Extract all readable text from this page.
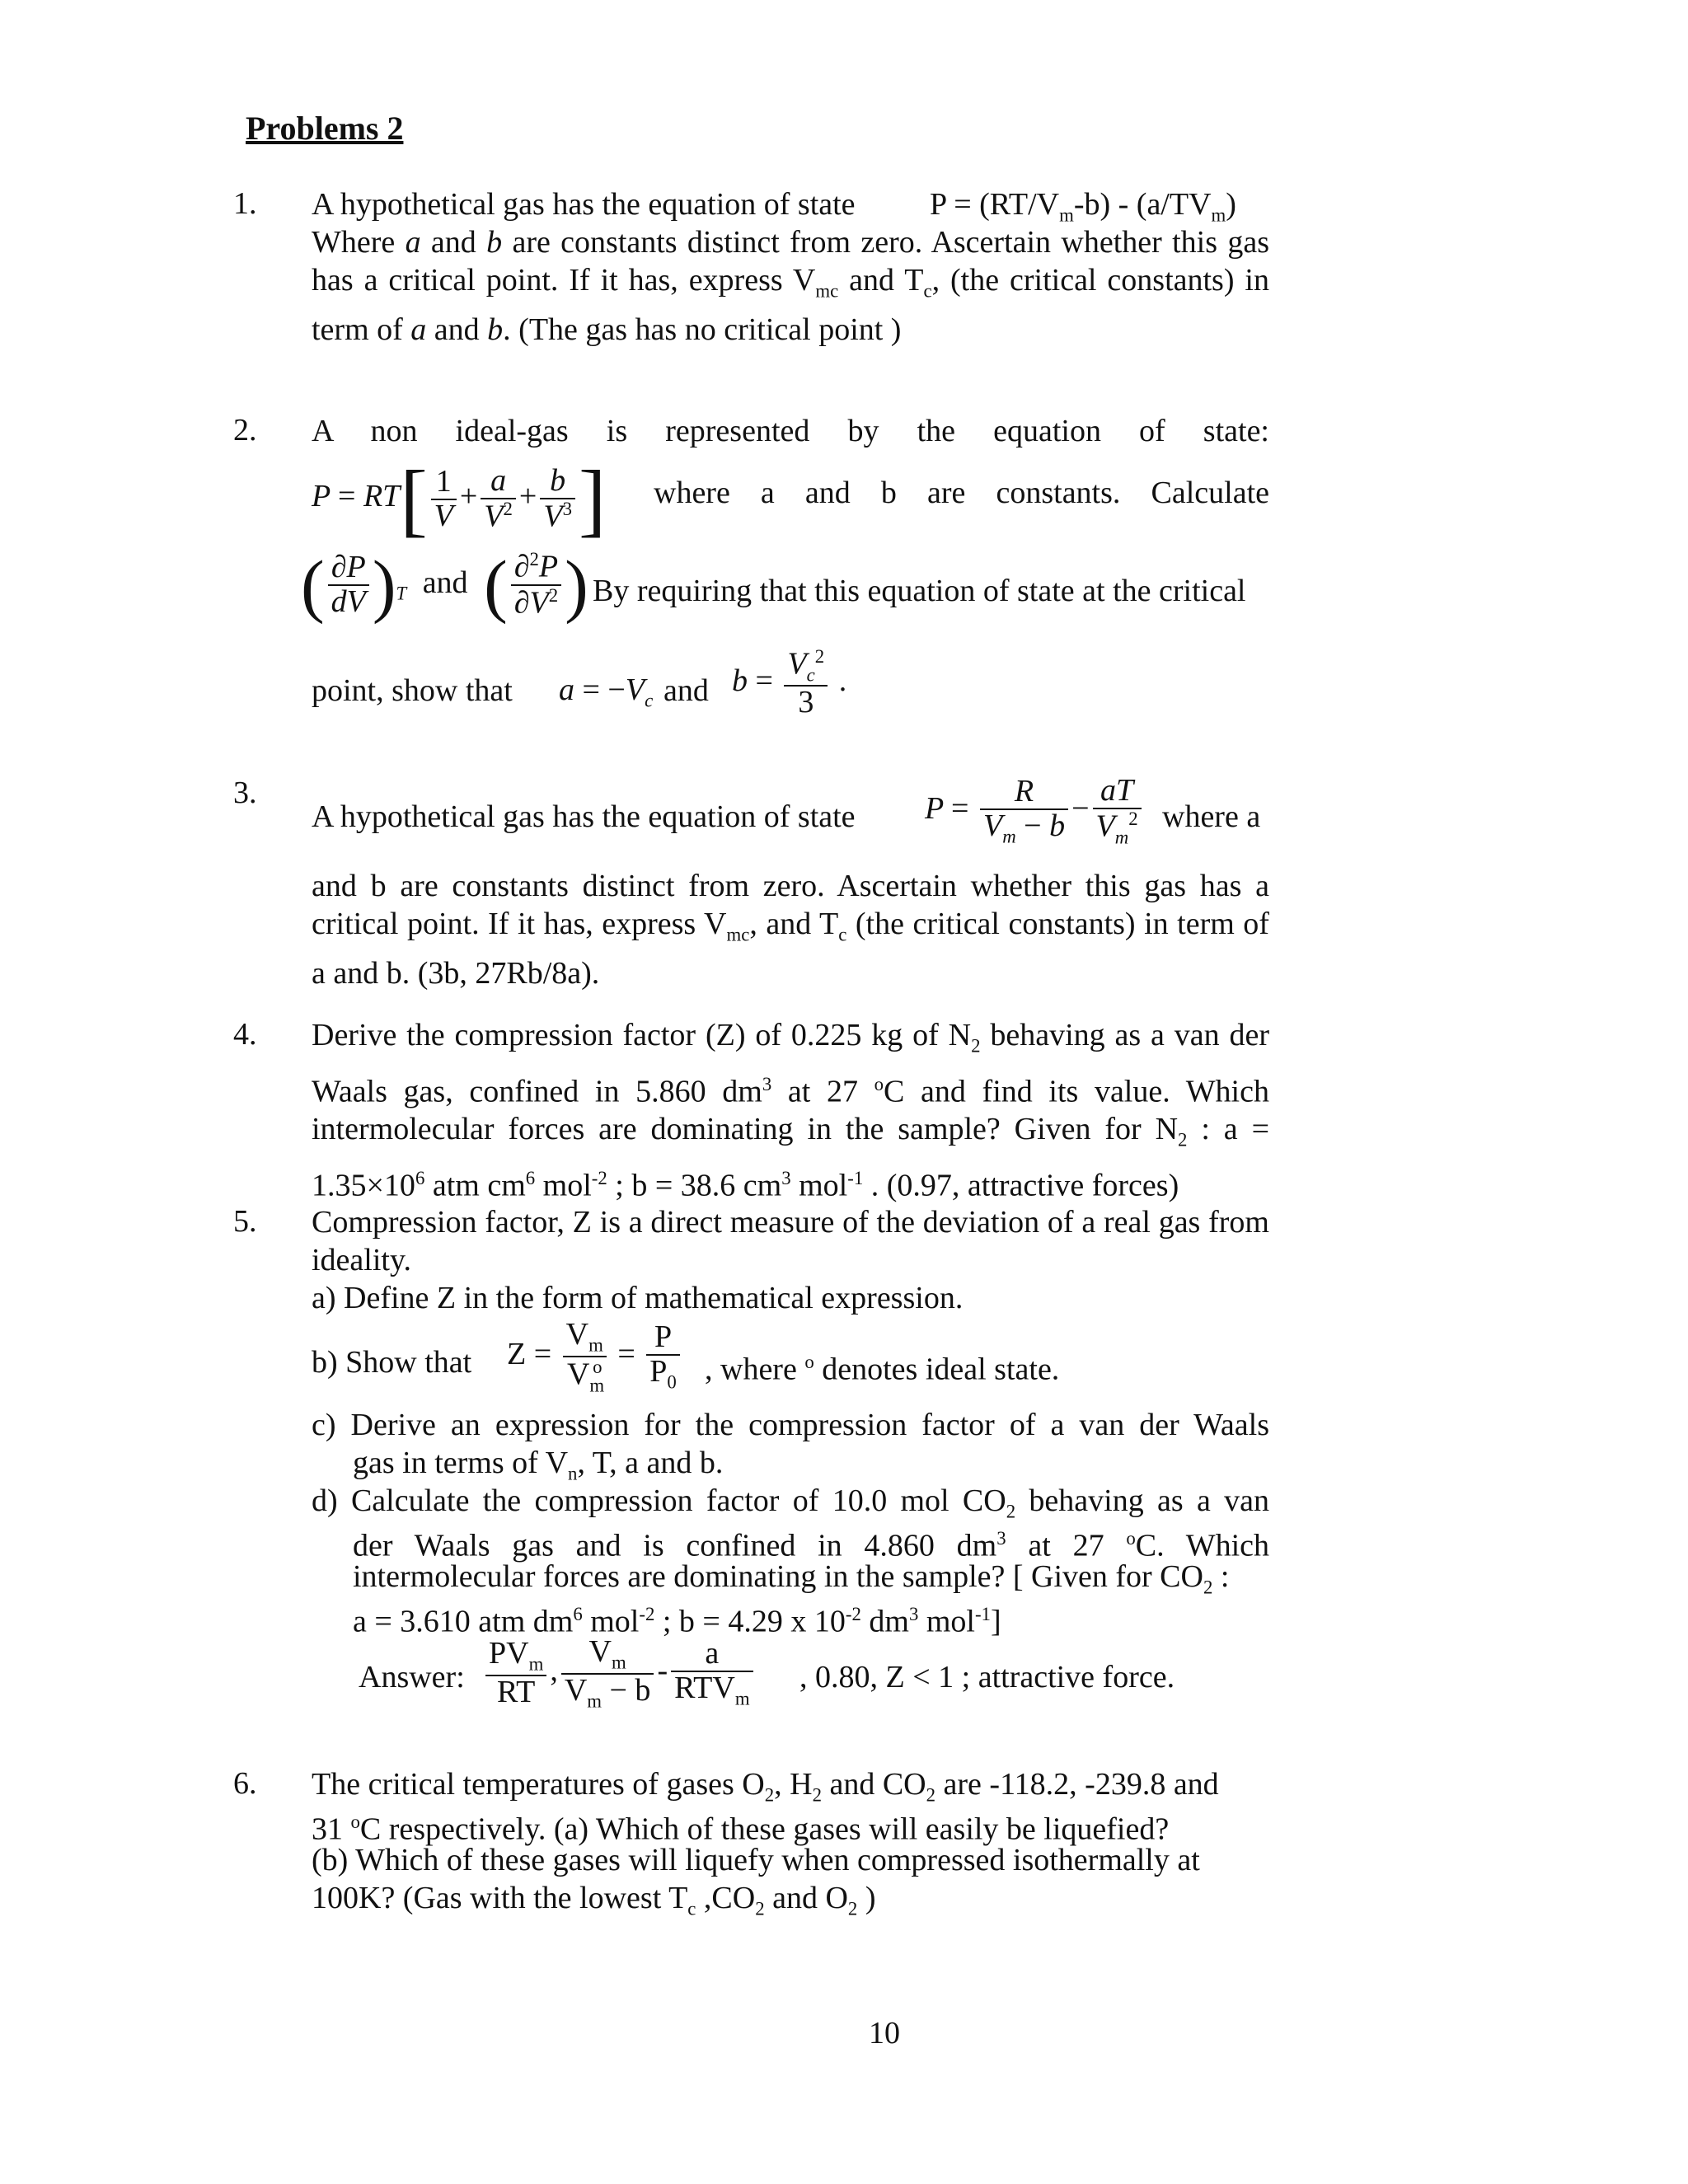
Problems 2
1. A hypothetical gas has the equation of state $P = (RT/V_m-b) - (a/TV_m)$
Where a and b are constants distinct from zero. Ascertain whether this gas has a critical point. If it has, express $V_{mc}$ and $T_c$, (the critical constants) in term of a and b. (The gas has no critical point )
2. A non ideal-gas is represented by the equation of state:
$P = RT[ \frac{1}{V} + \frac{a}{V^2} + \frac{b}{V^3}$ ] where a and b are constants. Calculate
( $\frac{\partial P}{dV} )_T$ and ( $\frac{\partial^2P}{\partial V^2}$ )
. By requiring that this equation of state at the critical
point, show that $a = -V_c$ and $b = \frac{V_c^2}{3}$ .
3.
A hypothetical gas has the equation of state $P = \frac{R}{V_m - b} - \frac{aT}{V_m^2}$ where a
and b are constants distinct from zero. Ascertain whether this gas has a critical point. If it has, express $V_{mc}$, and $T_c$ (the critical constants) in term of a and b. (3b, 27Rb/8a).
4. Derive the compression factor (Z) of 0.225 kg of $N_2$ behaving as a van der Waals gas, confined in 5.860 $dm^3$ at 27 $^o$C and find its value. Which intermolecular forces are dominating in the sample? Given for $N_2$ : $a = 1.35\times 10^6$ atm $cm^6$ mol$^{-2}$ ; b = 38.6 $cm^3$ mol$^{-1}$ . (0.97, attractive forces)
5. Compression factor, Z is a direct measure of the deviation of a real gas from ideality.
a) Define Z in the form of mathematical expression.
b) Show that $Z = \frac{V_m}{V_m^o} = \frac{P}{P_0}$ , where $^o$ denotes ideal state.
c) Derive an expression for the compression factor of a van der Waals
gas in terms of $V_n$, T, a and b.
d) Calculate the compression factor of 10.0 mol $CO_2$ behaving as a van
der Waals gas and is confined in 4.860 $dm^3$ at 27 $^o$C. Which
intermolecular forces are dominating in the sample? [ Given for $CO_2$ :
a = 3.610 atm $dm^6$ mol$^{-2}$ ; b = 4.29 x $10^{-2}$ $dm^3$ mol$^{-1}$]
Answer: $\frac{PV_m}{RT}$ , $\frac{V_m}{V_m - b} - \frac{a}{RTV_m}$ , 0.80, Z < 1 ; attractive force.
6. The critical temperatures of gases $O_2$, $H_2$ and $CO_2$ are -118.2, -239.8 and
31 $^o$C respectively. (a) Which of these gases will easily be liquefied?
(b) Which of these gases will liquefy when compressed isothermally at
100K? (Gas with the lowest $T_c$ $,CO_2$ and $O_2$ )
10
